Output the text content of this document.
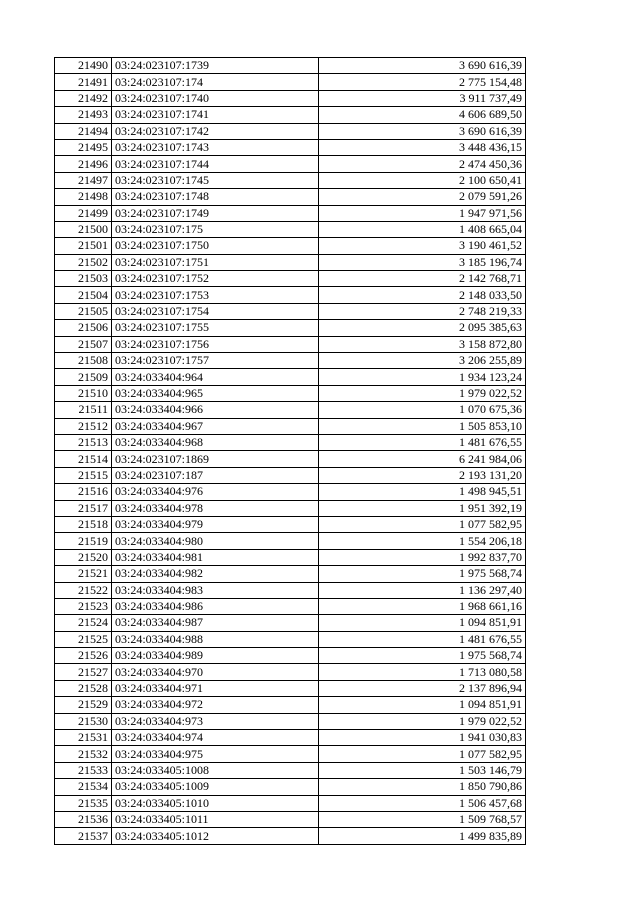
21490	03:24:023107:1739	3 690 616,39
21491	03:24:023107:174	2 775 154,48
21492	03:24:023107:1740	3 911 737,49
21493	03:24:023107:1741	4 606 689,50
21494	03:24:023107:1742	3 690 616,39
21495	03:24:023107:1743	3 448 436,15
21496	03:24:023107:1744	2 474 450,36
21497	03:24:023107:1745	2 100 650,41
21498	03:24:023107:1748	2 079 591,26
21499	03:24:023107:1749	1 947 971,56
21500	03:24:023107:175	1 408 665,04
21501	03:24:023107:1750	3 190 461,52
21502	03:24:023107:1751	3 185 196,74
21503	03:24:023107:1752	2 142 768,71
21504	03:24:023107:1753	2 148 033,50
21505	03:24:023107:1754	2 748 219,33
21506	03:24:023107:1755	2 095 385,63
21507	03:24:023107:1756	3 158 872,80
21508	03:24:023107:1757	3 206 255,89
21509	03:24:033404:964	1 934 123,24
21510	03:24:033404:965	1 979 022,52
21511	03:24:033404:966	1 070 675,36
21512	03:24:033404:967	1 505 853,10
21513	03:24:033404:968	1 481 676,55
21514	03:24:023107:1869	6 241 984,06
21515	03:24:023107:187	2 193 131,20
21516	03:24:033404:976	1 498 945,51
21517	03:24:033404:978	1 951 392,19
21518	03:24:033404:979	1 077 582,95
21519	03:24:033404:980	1 554 206,18
21520	03:24:033404:981	1 992 837,70
21521	03:24:033404:982	1 975 568,74
21522	03:24:033404:983	1 136 297,40
21523	03:24:033404:986	1 968 661,16
21524	03:24:033404:987	1 094 851,91
21525	03:24:033404:988	1 481 676,55
21526	03:24:033404:989	1 975 568,74
21527	03:24:033404:970	1 713 080,58
21528	03:24:033404:971	2 137 896,94
21529	03:24:033404:972	1 094 851,91
21530	03:24:033404:973	1 979 022,52
21531	03:24:033404:974	1 941 030,83
21532	03:24:033404:975	1 077 582,95
21533	03:24:033405:1008	1 503 146,79
21534	03:24:033405:1009	1 850 790,86
21535	03:24:033405:1010	1 506 457,68
21536	03:24:033405:1011	1 509 768,57
21537	03:24:033405:1012	1 499 835,89
